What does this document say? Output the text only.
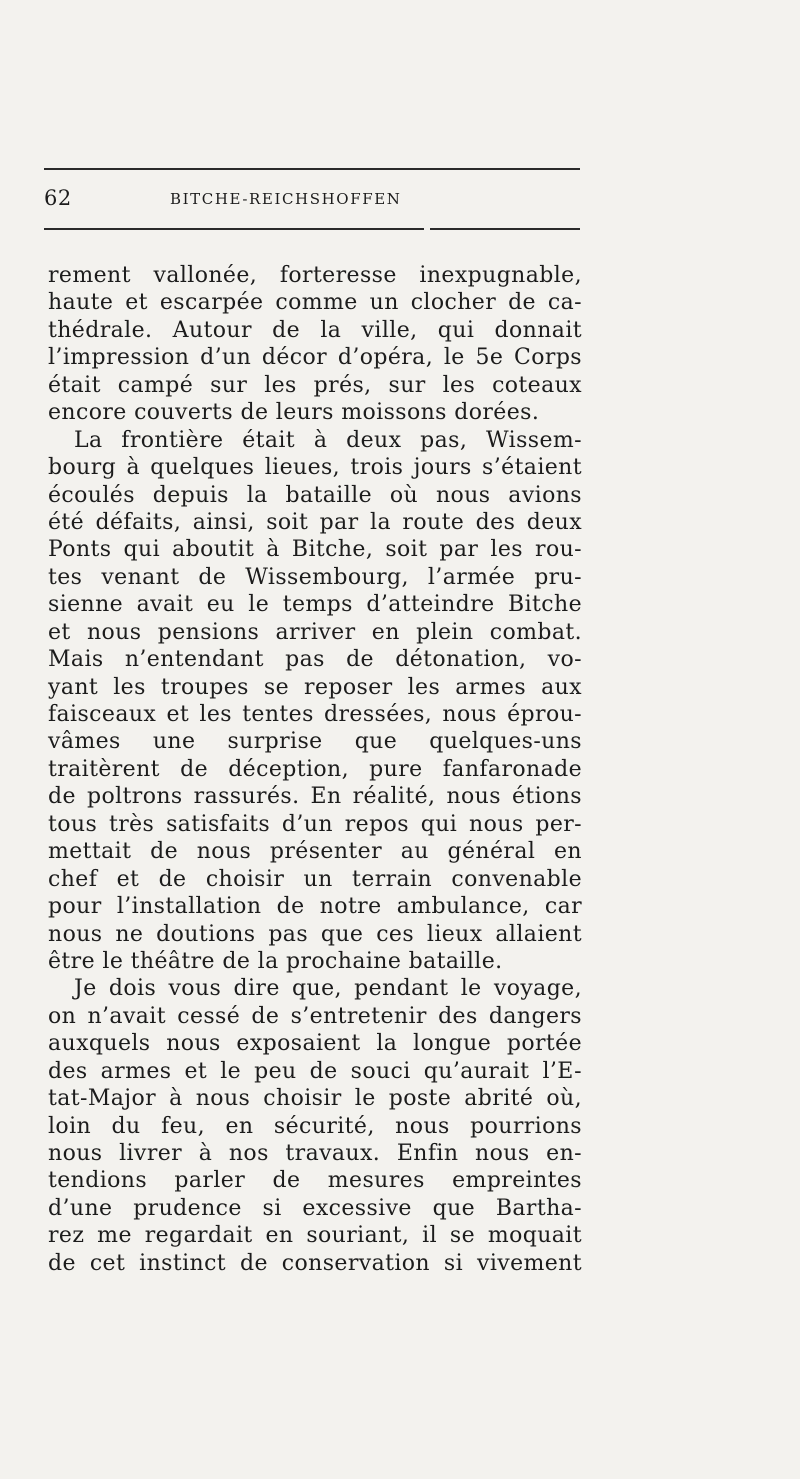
62	BITCHE-REICHSHOFFEN
rement vallonée, forteresse inexpugnable,
haute et escarpée comme un clocher de ca-
thédrale. Autour de la ville, qui donnait
l’impression d’un décor d’opéra, le 5e Corps
était campé sur les prés, sur les coteaux
encore couverts de leurs moissons dorées.
La frontière était à deux pas, Wissem-
bourg à quelques lieues, trois jours s’étaient
écoulés depuis la bataille où nous avions
été défaits, ainsi, soit par la route des deux
Ponts qui aboutit à Bitche, soit par les rou-
tes venant de Wissembourg, l’armée pru-
sienne avait eu le temps d’atteindre Bitche
et nous pensions arriver en plein combat.
Mais n’entendant pas de détonation, vo-
yant les troupes se reposer les armes aux
faisceaux et les tentes dressées, nous éprou-
vâmes une surprise que quelques-uns
traitèrent de déception, pure fanfaronade
de poltrons rassurés. En réalité, nous étions
tous très satisfaits d’un repos qui nous per-
mettait de nous présenter au général en
chef et de choisir un terrain convenable
pour l’installation de notre ambulance, car
nous ne doutions pas que ces lieux allaient
être le théâtre de la prochaine bataille.
Je dois vous dire que, pendant le voyage,
on n’avait cessé de s’entretenir des dangers
auxquels nous exposaient la longue portée
des armes et le peu de souci qu’aurait l’E-
tat-Major à nous choisir le poste abrité où,
loin du feu, en sécurité, nous pourrions
nous livrer à nos travaux. Enfin nous en-
tendions parler de mesures empreintes
d’une prudence si excessive que Bartha-
rez me regardait en souriant, il se moquait
de cet instinct de conservation si vivement
